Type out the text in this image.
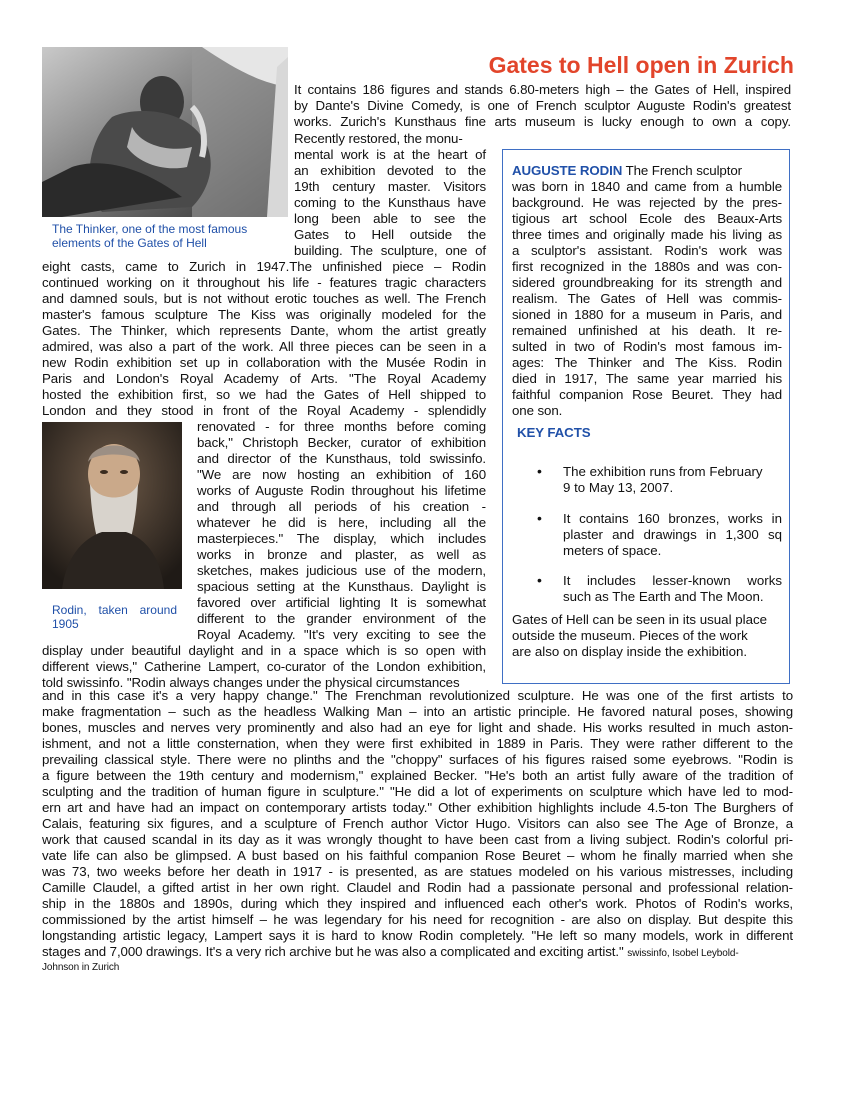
Gates to Hell open in Zurich
The Thinker, one of the most famous
elements of the Gates of Hell
It contains 186 figures and stands 6.80-meters high – the Gates of Hell, inspired
by Dante's Divine Comedy, is one of French sculptor Auguste Rodin's greatest
works. Zurich's Kunsthaus fine arts museum is lucky enough to own a copy.
Recently restored, the monu-
mental work is at the heart of
an exhibition devoted to the
19th century master. Visitors
coming to the Kunsthaus have
long been able to see the
Gates to Hell outside the
building. The sculpture, one of
eight casts, came to Zurich in 1947.The unfinished piece – Rodin
continued working on it throughout his life - features tragic characters
and damned souls, but is not without erotic touches as well. The French
master's famous sculpture The Kiss was originally modeled for the
Gates. The Thinker, which represents Dante, whom the artist greatly
admired, was also a part of the work. All three pieces can be seen in a
new Rodin exhibition set up in collaboration with the Musée Rodin in
Paris and London's Royal Academy of Arts. "The Royal Academy
hosted the exhibition first, so we had the Gates of Hell shipped to
London and they stood in front of the Royal Academy - splendidly
Rodin, taken around
1905
renovated - for three months before coming
back," Christoph Becker, curator of exhibition
and director of the Kunsthaus, told swissinfo.
"We are now hosting an exhibition of 160
works of Auguste Rodin throughout his lifetime
and through all periods of his creation -
whatever he did is here, including all the
masterpieces." The display, which includes
works in bronze and plaster, as well as
sketches, makes judicious use of the modern,
spacious setting at the Kunsthaus. Daylight is
favored over artificial lighting It is somewhat
different to the grander environment of the
Royal Academy. "It's very exciting to see the
display under beautiful daylight and in a space which is so open with
different views," Catherine Lampert, co-curator of the London exhibition,
told swissinfo. "Rodin always changes under the physical circumstances
and in this case it's a very happy change." The Frenchman revolutionized sculpture. He was one of the first artists to
make fragmentation – such as the headless Walking Man – into an artistic principle. He favored natural poses, showing
bones, muscles and nerves very prominently and also had an eye for light and shade. His works resulted in much aston-
ishment, and not a little consternation, when they were first exhibited in 1889 in Paris. They were rather different to the
prevailing classical style. There were no plinths and the "choppy" surfaces of his figures raised some eyebrows. "Rodin is
a figure between the 19th century and modernism," explained Becker. "He's both an artist fully aware of the tradition of
sculpting and the tradition of human figure in sculpture." "He did a lot of experiments on sculpture which have led to mod-
ern art and have had an impact on contemporary artists today." Other exhibition highlights include 4.5-ton The Burghers of
Calais, featuring six figures, and a sculpture of French author Victor Hugo. Visitors can also see The Age of Bronze, a
work that caused scandal in its day as it was wrongly thought to have been cast from a living subject. Rodin's colorful pri-
vate life can also be glimpsed. A bust based on his faithful companion Rose Beuret – whom he finally married when she
was 73, two weeks before her death in 1917 - is presented, as are statues modeled on his various mistresses, including
Camille Claudel, a gifted artist in her own right. Claudel and Rodin had a passionate personal and professional relation-
ship in the 1880s and 1890s, during which they inspired and influenced each other's work. Photos of Rodin's works,
commissioned by the artist himself – he was legendary for his need for recognition - are also on display. But despite this
longstanding artistic legacy, Lampert says it is hard to know Rodin completely. "He left so many models, work in different
stages and 7,000 drawings. It's a very rich archive but he was also a complicated and exciting artist." swissinfo, Isobel Leybold-
Johnson in Zurich
AUGUSTE RODIN The French sculptor
was born in 1840 and came from a humble
background. He was rejected by the pres-
tigious art school Ecole des Beaux-Arts
three times and originally made his living as
a sculptor's assistant. Rodin's work was
first recognized in the 1880s and was con-
sidered groundbreaking for its strength and
realism. The Gates of Hell was commis-
sioned in 1880 for a museum in Paris, and
remained unfinished at his death. It re-
sulted in two of Rodin's most famous im-
ages: The Thinker and The Kiss. Rodin
died in 1917, The same year married his
faithful companion Rose Beuret. They had
one son.
KEY FACTS
• The exhibition runs from February
9 to May 13, 2007.
• It contains 160 bronzes, works in
plaster and drawings in 1,300 sq
meters of space.
• It includes lesser-known works
such as The Earth and The Moon.
Gates of Hell can be seen in its usual place
outside the museum. Pieces of the work
are also on display inside the exhibition.
